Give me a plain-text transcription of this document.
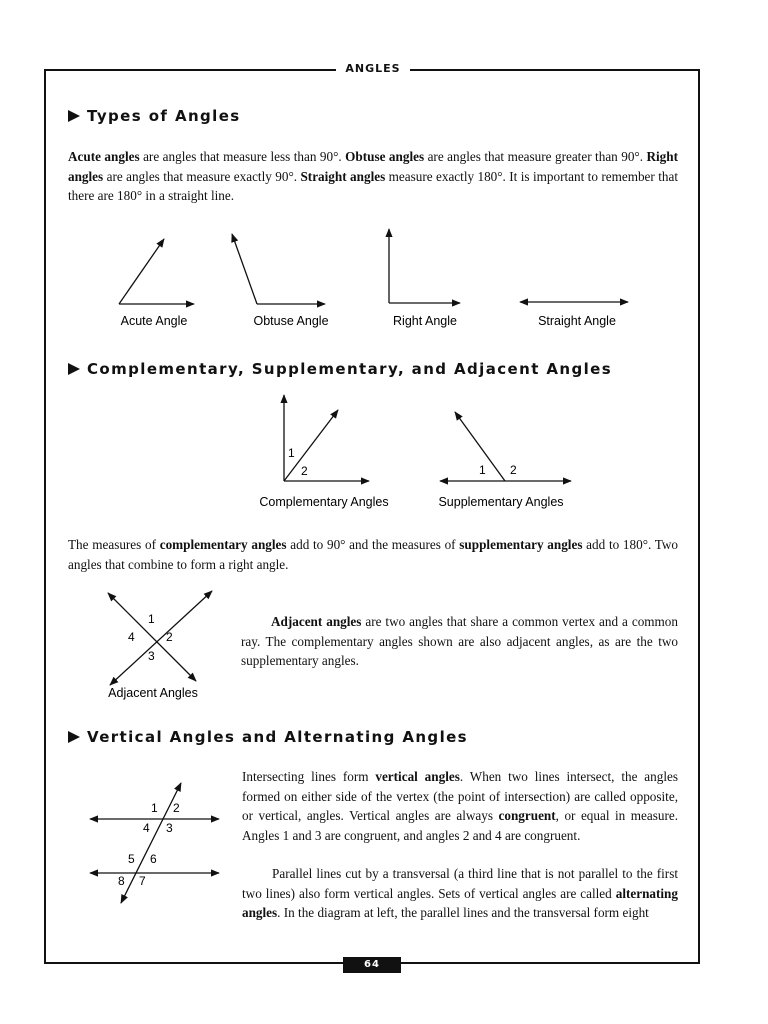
ANGLES
Types of Angles
Acute angles are angles that measure less than 90°. Obtuse angles are angles that measure greater than 90°. Right angles are angles that measure exactly 90°. Straight angles measure exactly 180°. It is important to remember that there are 180° in a straight line.
Acute Angle	Obtuse Angle	Right Angle	Straight Angle
Complementary, Supplementary, and Adjacent Angles
1
2	1 2
Complementary Angles	Supplementary Angles
The measures of complementary angles add to 90° and the measures of supplementary angles add to 180°. Two angles that combine to form a right angle.
1
2
3
4
Adjacent Angles
Adjacent angles are two angles that share a common vertex and a common ray. The complementary angles shown are also adjacent angles, as are the two supplementary angles.
Vertical Angles and Alternating Angles
1 2
3
4
5 6
7
8
Intersecting lines form vertical angles. When two lines intersect, the angles formed on either side of the vertex (the point of intersection) are called opposite, or vertical, angles. Vertical angles are always congruent, or equal in measure. Angles 1 and 3 are congruent, and angles 2 and 4 are congruent.
Parallel lines cut by a transversal (a third line that is not parallel to the first two lines) also form vertical angles. Sets of vertical angles are called alternating angles. In the diagram at left, the parallel lines and the transversal form eight
64
